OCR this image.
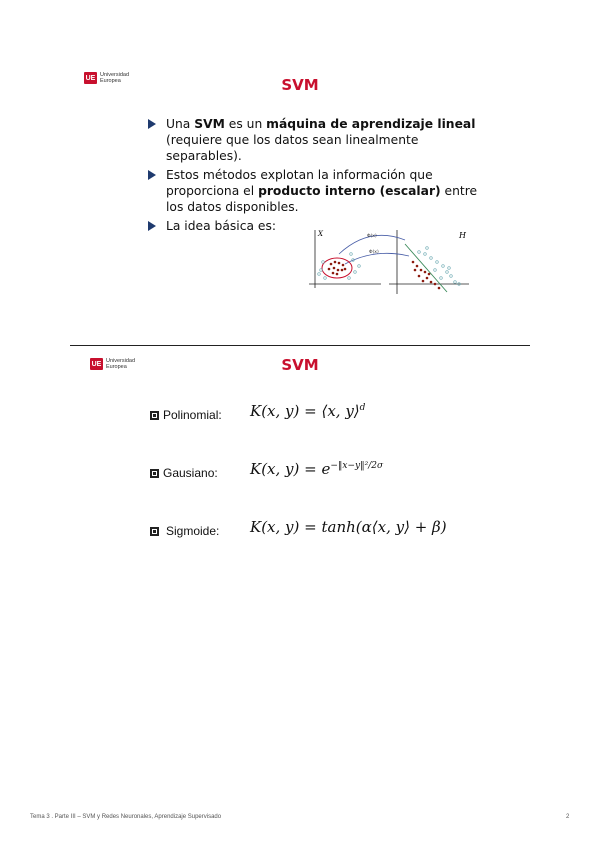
UE Universidad
Europea	SVM
Una SVM es un máquina de aprendizaje lineal (requiere que los datos sean linealmente separables).
Estos métodos explotan la información que proporciona el producto interno (escalar) entre los datos disponibles.
La idea básica es:
X	H
Φ(x)
Φ(x)
UE Universidad
Europea	SVM
Polinomial: K(x, y) = ⟨x, y⟩$^d$
Gausiano: K(x, $y) = e^{-‖x-y‖^2/2\sigma}$
Sigmoide: K(x, y) = tanh(α⟨x, y⟩ + β)
Tema 3 . Parte III – SVM y Redes Neuronales, Aprendizaje Supervisado	2
